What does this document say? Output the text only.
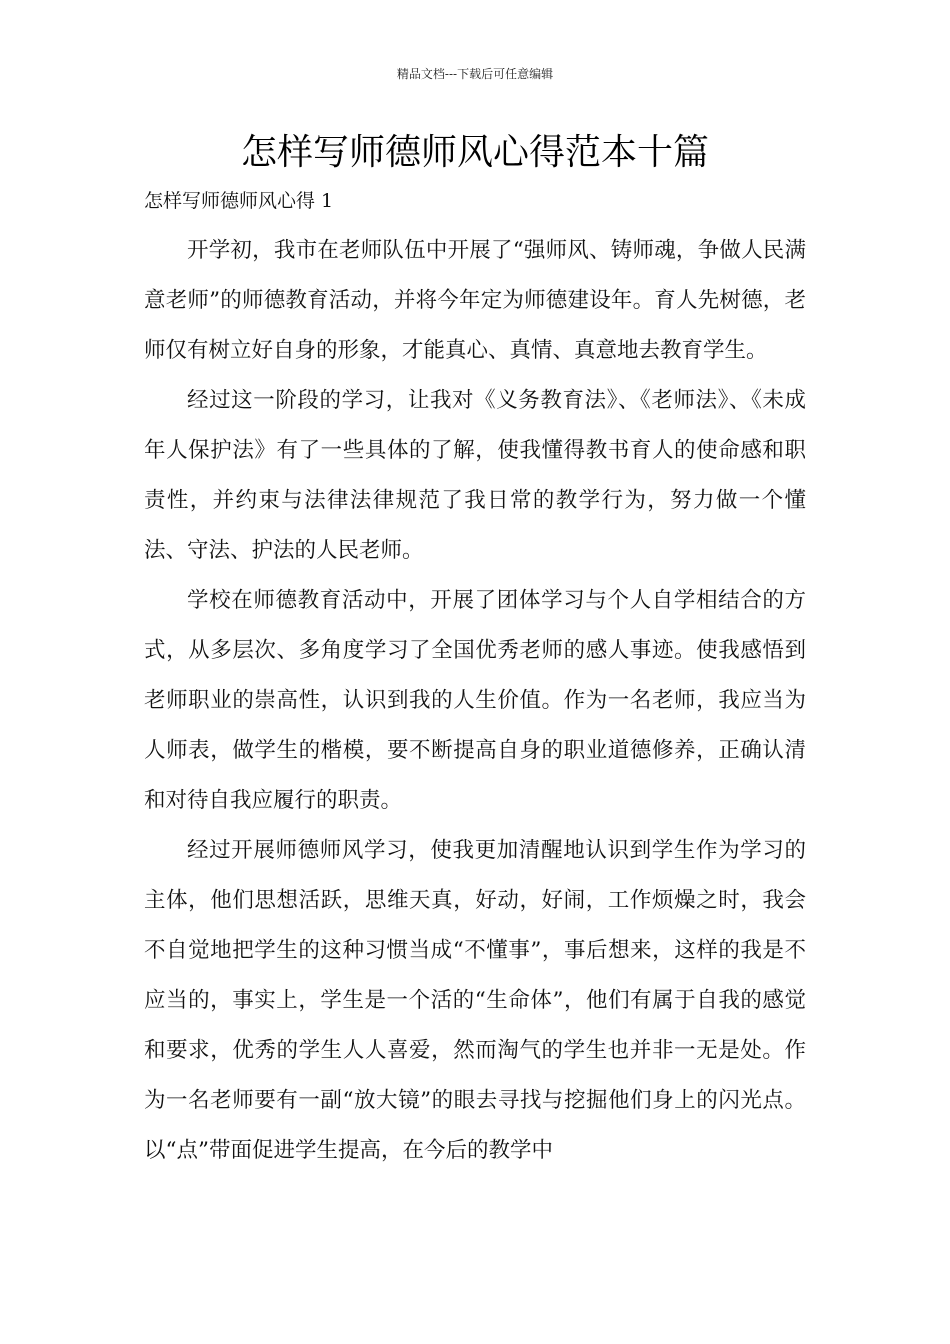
精品文档---下载后可任意编辑
怎样写师德师风心得范本十篇
怎样写师德师风心得 1

开学初，我市在老师队伍中开展了“强师风、铸师魂，争做人民满意老师”的师德教育活动，并将今年定为师德建设年。育人先树德，老师仅有树立好自身的形象，才能真心、真情、真意地去教育学生。

经过这一阶段的学习，让我对《义务教育法》、《老师法》、《未成年人保护法》有了一些具体的了解，使我懂得教书育人的使命感和职责性，并约束与法律法律规范了我日常的教学行为，努力做一个懂法、守法、护法的人民老师。

学校在师德教育活动中，开展了团体学习与个人自学相结合的方式，从多层次、多角度学习了全国优秀老师的感人事迹。使我感悟到老师职业的崇高性，认识到我的人生价值。作为一名老师，我应当为人师表，做学生的楷模，要不断提高自身的职业道德修养，正确认清和对待自我应履行的职责。

经过开展师德师风学习，使我更加清醒地认识到学生作为学习的主体，他们思想活跃，思维天真，好动，好闹，工作烦燥之时，我会不自觉地把学生的这种习惯当成“不懂事”，事后想来，这样的我是不应当的，事实上，学生是一个活的“生命体”，他们有属于自我的感觉和要求，优秀的学生人人喜爱，然而淘气的学生也并非一无是处。作为一名老师要有一副“放大镜”的眼去寻找与挖掘他们身上的闪光点。以“点”带面促进学生提高，在今后的教学中
